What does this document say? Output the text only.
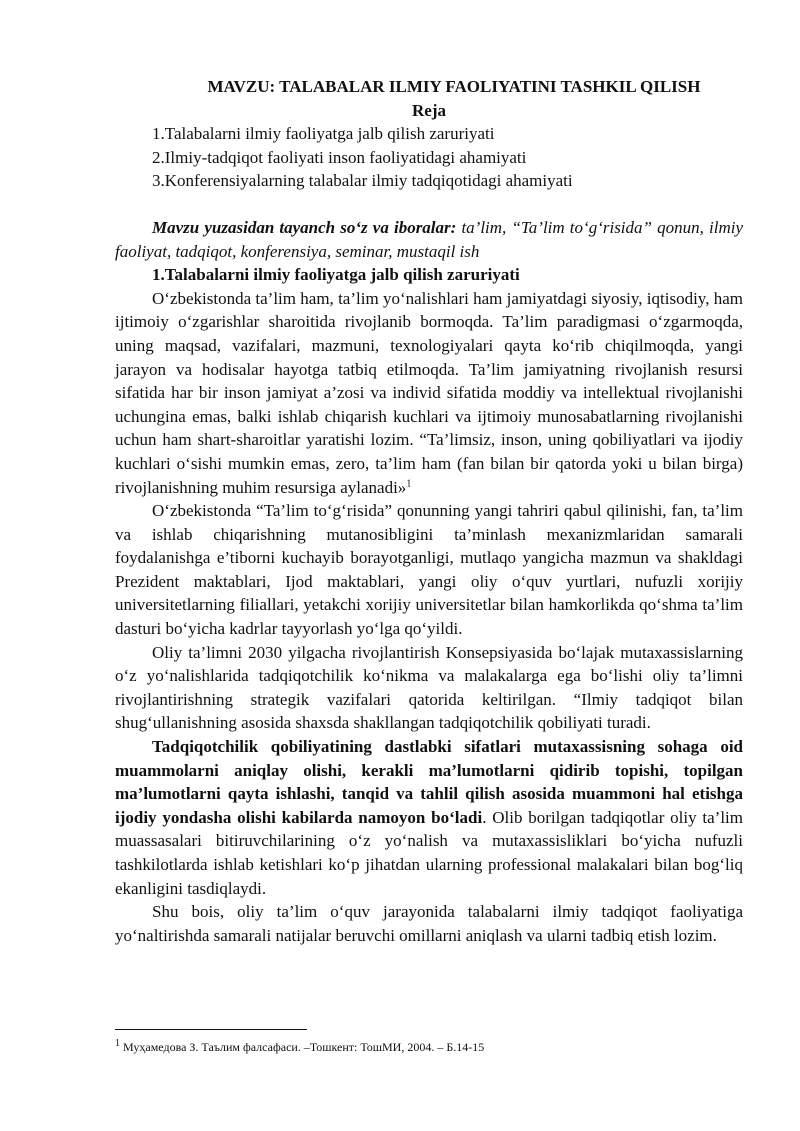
MAVZU: TALABALAR ILMIY FAOLIYATINI TASHKIL QILISH
Reja
1.Talabalarni ilmiy faoliyatga jalb qilish zaruriyati
2.Ilmiy-tadqiqot faoliyati inson faoliyatidagi ahamiyati
3.Konferensiyalarning talabalar ilmiy tadqiqotidagi ahamiyati

Mavzu yuzasidan tayanch so‘z va iboralar: ta’lim, “Ta’lim to‘g‘risida” qonun, ilmiy faoliyat, tadqiqot, konferensiya, seminar, mustaqil ish

1.Talabalarni ilmiy faoliyatga jalb qilish zaruriyati

O‘zbekistonda ta’lim ham, ta’lim yo‘nalishlari ham jamiyatdagi siyosiy, iqtisodiy, ham ijtimoiy o‘zgarishlar sharoitida rivojlanib bormoqda. Ta’lim paradigmasi o‘zgarmoqda, uning maqsad, vazifalari, mazmuni, texnologiyalari qayta ko‘rib chiqilmoqda, yangi jarayon va hodisalar hayotga tatbiq etilmoqda. Ta’lim jamiyatning rivojlanish resursi sifatida har bir inson jamiyat a’zosi va individ sifatida moddiy va intellektual rivojlanishi uchungina emas, balki ishlab chiqarish kuchlari va ijtimoiy munosabatlarning rivojlanishi uchun ham shart-sharoitlar yaratishi lozim. “Ta’limsiz, inson, uning qobiliyatlari va ijodiy kuchlari o‘sishi mumkin emas, zero, ta’lim ham (fan bilan bir qatorda yoki u bilan birga) rivojlanishning muhim resursiga aylanadi»$^1$

O‘zbekistonda “Ta’lim to‘g‘risida” qonunning yangi tahriri qabul qilinishi, fan, ta’lim va ishlab chiqarishning mutanosibligini ta’minlash mexanizmlaridan samarali foydalanishga e’tiborni kuchayib borayotganligi, mutlaqo yangicha mazmun va shakldagi Prezident maktablari, Ijod maktablari, yangi oliy o‘quv yurtlari, nufuzli xorijiy universitetlarning filiallari, yetakchi xorijiy universitetlar bilan hamkorlikda qo‘shma ta’lim dasturi bo‘yicha kadrlar tayyorlash yo‘lga qo‘yildi.

Oliy ta’limni 2030 yilgacha rivojlantirish Konsepsiyasida bo‘lajak mutaxassislarning o‘z yo‘nalishlarida tadqiqotchilik ko‘nikma va malakalarga ega bo‘lishi oliy ta’limni rivojlantirishning strategik vazifalari qatorida keltirilgan. “Ilmiy tadqiqot bilan shug‘ullanishning asosida shaxsda shakllangan tadqiqotchilik qobiliyati turadi.

Tadqiqotchilik qobiliyatining dastlabki sifatlari mutaxassisning sohaga oid muammolarni aniqlay olishi, kerakli ma’lumotlarni qidirib topishi, topilgan ma’lumotlarni qayta ishlashi, tanqid va tahlil qilish asosida muammoni hal etishga ijodiy yondasha olishi kabilarda namoyon bo‘ladi. Olib borilgan tadqiqotlar oliy ta’lim muassasalari bitiruvchilarining o‘z yo‘nalish va mutaxassisliklari bo‘yicha nufuzli tashkilotlarda ishlab ketishlari ko‘p jihatdan ularning professional malakalari bilan bog‘liq ekanligini tasdiqlaydi.

Shu bois, oliy ta’lim o‘quv jarayonida talabalarni ilmiy tadqiqot faoliyatiga yo‘naltirishda samarali natijalar beruvchi omillarni aniqlash va ularni tadbiq etish lozim.

$^1$ Муҳамедова З. Таълим фалсафаси. –Тошкент: ТошМИ, 2004. – Б.14-15
